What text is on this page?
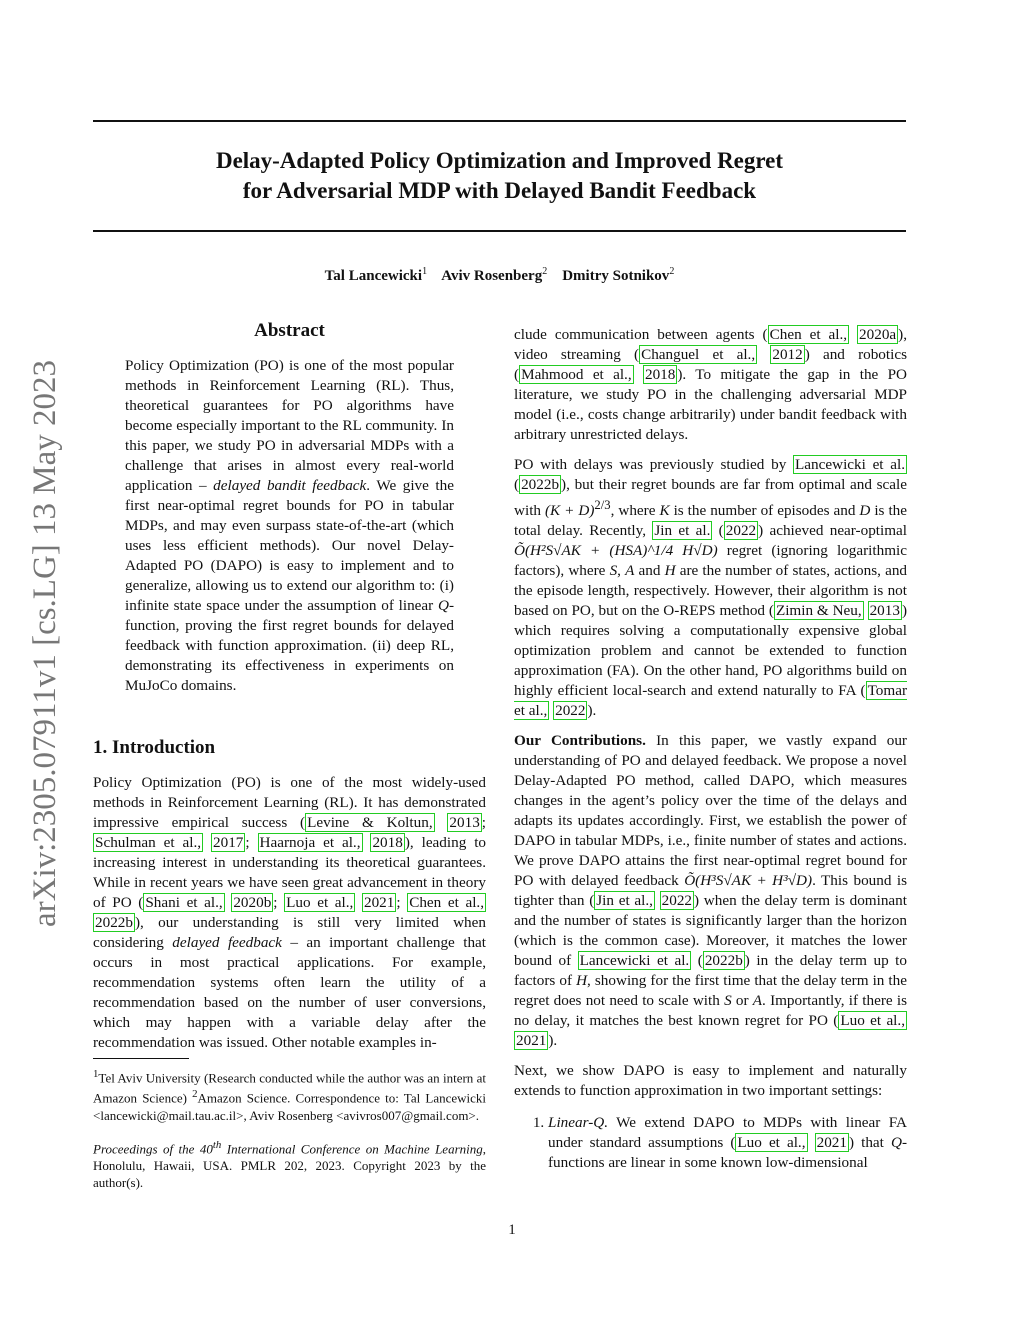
Delay-Adapted Policy Optimization and Improved Regret
for Adversarial MDP with Delayed Bandit Feedback
Tal Lancewicki$^1$ Aviv Rosenberg$^2$ Dmitry Sotnikov$^2$
arXiv:2305.07911v1 [cs.LG] 13 May 2023
Abstract

Policy Optimization (PO) is one of the most popular methods in Reinforcement Learning (RL). Thus, theoretical guarantees for PO algorithms have become especially important to the RL community. In this paper, we study PO in adversarial MDPs with a challenge that arises in almost every real-world application – delayed bandit feedback. We give the first near-optimal regret bounds for PO in tabular MDPs, and may even surpass state-of-the-art (which uses less efficient methods). Our novel Delay-Adapted PO (DAPO) is easy to implement and to generalize, allowing us to extend our algorithm to: (i) infinite state space under the assumption of linear Q-function, proving the first regret bounds for delayed feedback with function approximation. (ii) deep RL, demonstrating its effectiveness in experiments on MuJoCo domains.

1. Introduction

Policy Optimization (PO) is one of the most widely-used methods in Reinforcement Learning (RL). It has demonstrated impressive empirical success ( Levine & Koltun, 2013 ; Schulman et al., 2017 ; Haarnoja et al., 2018 ), leading to increasing interest in understanding its theoretical guarantees. While in recent years we have seen great advancement in theory of PO ( Shani et al., 2020b ; Luo et al., 2021 ; Chen et al., 2022b ), our understanding is still very limited when considering delayed feedback – an important challenge that occurs in most practical applications. For example, recommendation systems often learn the utility of a recommendation based on the number of user conversions, which may happen with a variable delay after the recommendation was issued. Other notable examples in-

$^1$Tel Aviv University (Research conducted while the author was an intern at Amazon Science) $^2$Amazon Science. Correspondence to: Tal Lancewicki <lancewicki@mail.tau.ac.il>, Aviv Rosenberg <avivros007@gmail.com>.

Proceedings of the 40th International Conference on Machine Learning, Honolulu, Hawaii, USA. PMLR 202, 2023. Copyright 2023 by the author(s).

clude communication between agents ( Chen et al., 2020a ), video streaming ( Changuel et al., 2012 ) and robotics ( Mahmood et al., 2018 ). To mitigate the gap in the PO literature, we study PO in the challenging adversarial MDP model (i.e., costs change arbitrarily) under bandit feedback with arbitrary unrestricted delays.

PO with delays was previously studied by Lancewicki et al. ( 2022b ), but their regret bounds are far from optimal and scale with $(K + D)^{2/3}$, where K is the number of episodes and D is the total delay. Recently, Jin et al. ( 2022 ) achieved near-optimal Õ(H²S√AK + (HSA)^1/4 H√D) regret (ignoring logarithmic factors), where S, A and H are the number of states, actions, and the episode length, respectively. However, their algorithm is not based on PO, but on the O-REPS method ( Zimin & Neu, 2013 ) which requires solving a computationally expensive global optimization problem and cannot be extended to function approximation (FA). On the other hand, PO algorithms build on highly efficient local-search and extend naturally to FA ( Tomar et al., 2022 ).

Our Contributions. In this paper, we vastly expand our understanding of PO and delayed feedback. We propose a novel Delay-Adapted PO method, called DAPO, which measures changes in the agent’s policy over the time of the delays and adapts its updates accordingly. First, we establish the power of DAPO in tabular MDPs, i.e., finite number of states and actions. We prove DAPO attains the first near-optimal regret bound for PO with delayed feedback Õ(H³S√AK + H³√D). This bound is tighter than ( Jin et al., 2022 ) when the delay term is dominant and the number of states is significantly larger than the horizon (which is the common case). Moreover, it matches the lower bound of Lancewicki et al. ( 2022b ) in the delay term up to factors of H, showing for the first time that the delay term in the regret does not need to scale with S or A. Importantly, if there is no delay, it matches the best known regret for PO ( Luo et al., 2021 ).

Next, we show DAPO is easy to implement and naturally extends to function approximation in two important settings:

1. Linear-Q. We extend DAPO to MDPs with linear FA under standard assumptions ( Luo et al., 2021 ) that Q-functions are linear in some known low-dimensional
1
